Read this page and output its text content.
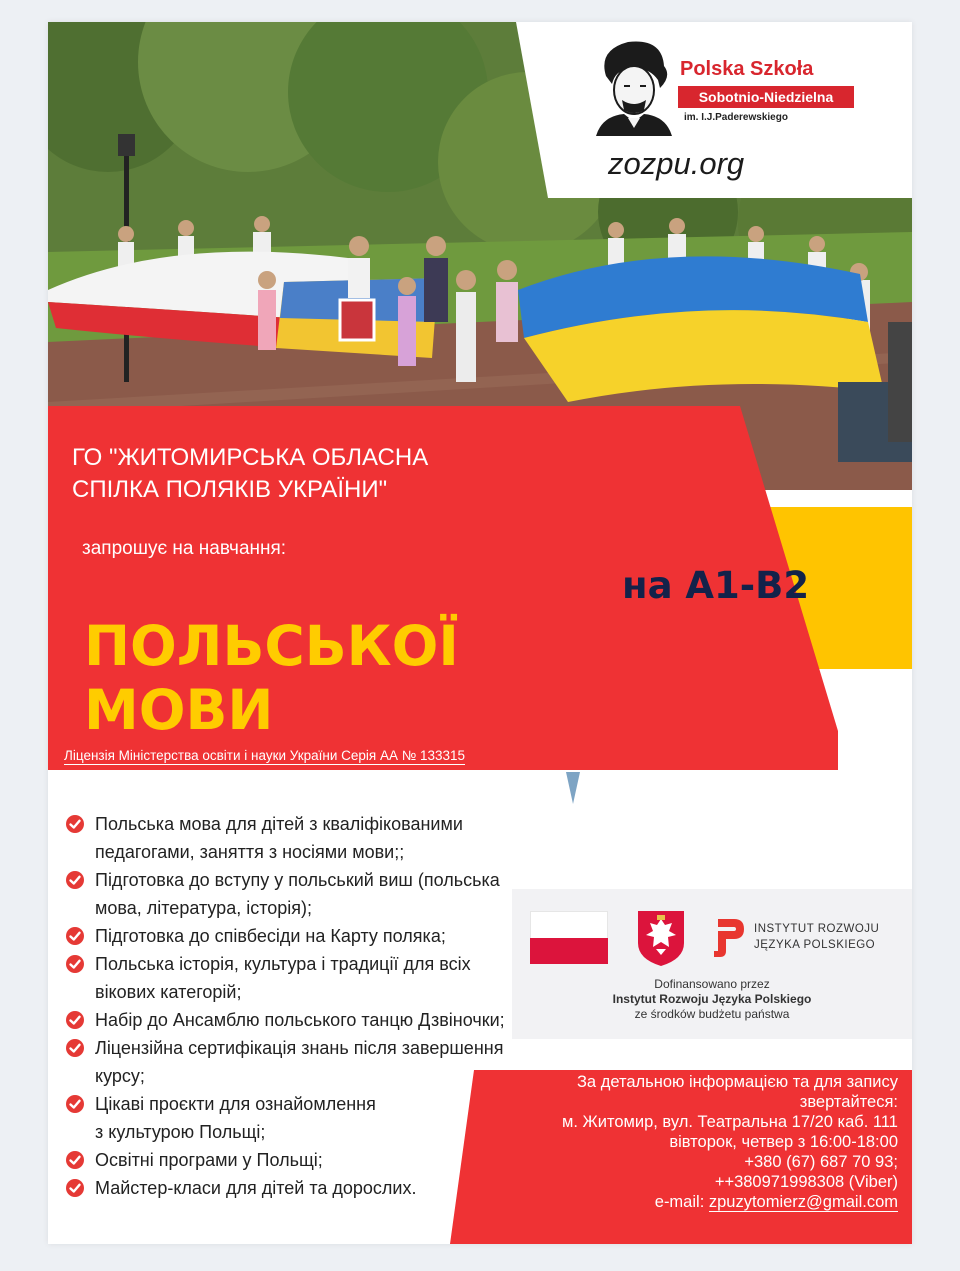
Polska Szkoła
Sobotnio-Niedzielna
im. I.J.Paderewskiego
zozpu.org
ГО "ЖИТОМИРСЬКА ОБЛАСНА
СПІЛКА ПОЛЯКІВ УКРАЇНИ"
запрошує на навчання:
ПОЛЬСЬКОЇ
МОВИ
на А1-В2
Ліцензія Міністерства освіти і науки України Серія АА № 133315
Польська мова для дітей з кваліфікованими
педагогами, заняття з носіями мови;;
Підготовка до вступу у польський виш (польська
мова, література, історія);
Підготовка до співбесіди на Карту поляка;
Польська історія, культура і традиції для всіх
вікових категорій;
Набір до Ансамблю польського танцю Дзвіночки;
Ліцензійна сертифікація знань після завершення
курсу;
Цікаві проєкти для ознайомлення
з культурою Польщі;
Освітні програми у Польщі;
Майстер-класи для дітей та дорослих.
INSTYTUT ROZWOJU
JĘZYKA POLSKIEGO
Dofinansowano przez
Instytut Rozwoju Języka Polskiego
ze środków budżetu państwa
За детальною інформацією та для запису
звертайтеся:
м. Житомир, вул. Театральна 17/20 каб. 111
вівторок, четвер з 16:00-18:00
+380 (67) 687 70 93;
++380971998308 (Viber)
e-mail: zpuzytomierz@gmail.com
